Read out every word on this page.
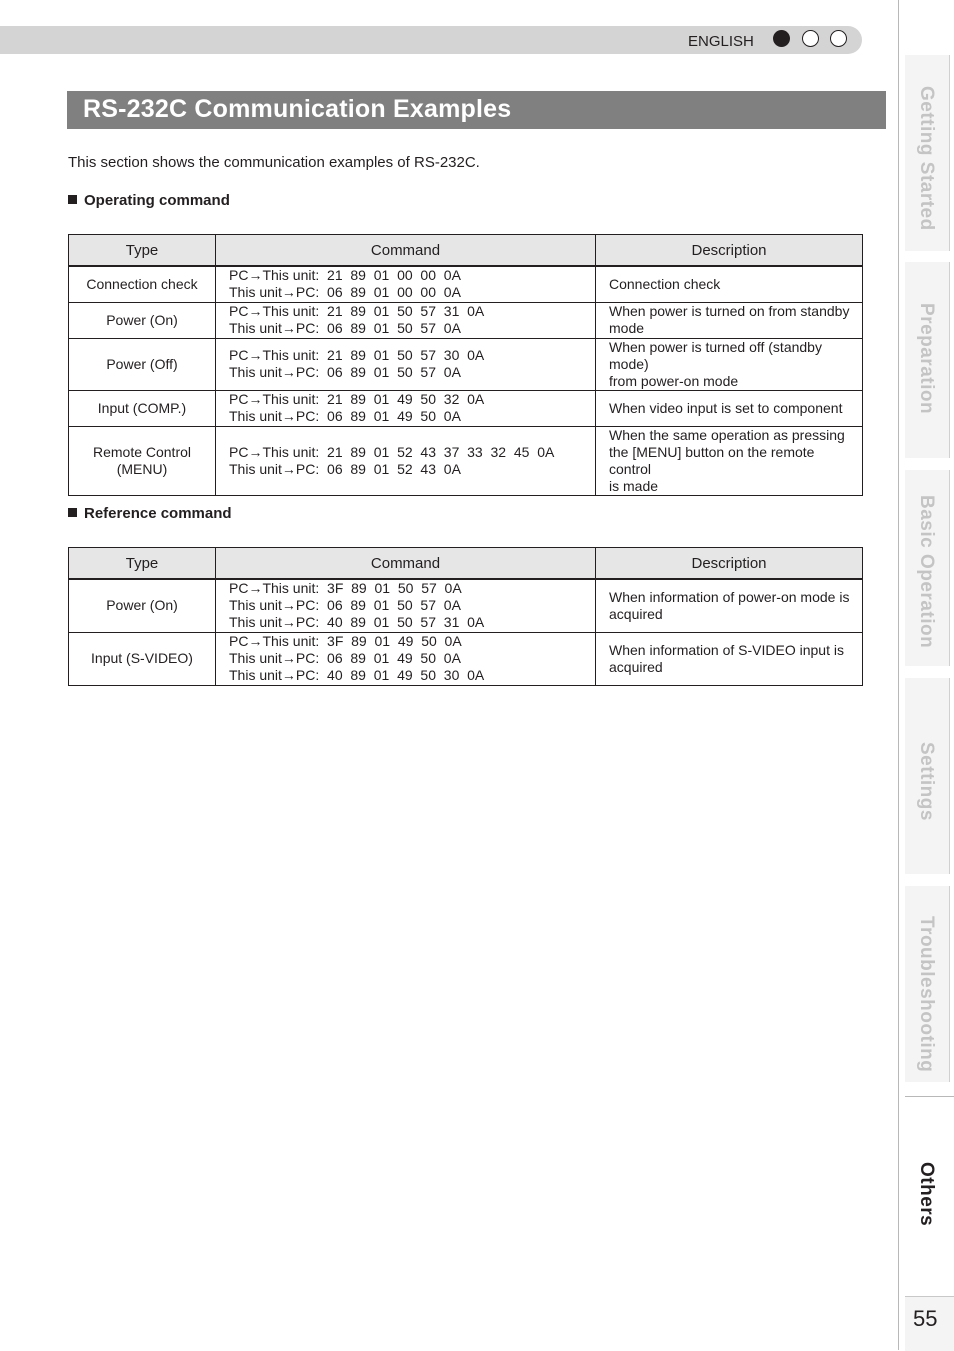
ENGLISH
RS-232C Communication Examples
This section shows the communication examples of RS-232C.
Operating command
Type	Command	Description

Connection check	PC→This unit:  21  89  01  00  00  0A
This unit→PC:  06  89  01  00  00  0A	Connection check

Power (On)	PC→This unit:  21  89  01  50  57  31  0A
This unit→PC:  06  89  01  50  57  0A	When power is turned on from standby
mode

Power (Off)	PC→This unit:  21  89  01  50  57  30  0A
This unit→PC:  06  89  01  50  57  0A	When power is turned off (standby mode)
from power-on mode

Input (COMP.)	PC→This unit:  21  89  01  49  50  32  0A
This unit→PC:  06  89  01  49  50  0A	When video input is set to component

Remote Control
(MENU)	PC→This unit:  21  89  01  52  43  37  33  32  45  0A
This unit→PC:  06  89  01  52  43  0A	When the same operation as pressing
the [MENU] button on the remote control
is made
Reference command
Type	Command	Description

Power (On)	PC→This unit:  3F  89  01  50  57  0A
This unit→PC:  06  89  01  50  57  0A
This unit→PC:  40  89  01  50  57  31  0A	When information of power-on mode is
acquired

Input (S-VIDEO)	PC→This unit:  3F  89  01  49  50  0A
This unit→PC:  06  89  01  49  50  0A
This unit→PC:  40  89  01  49  50  30  0A	When information of S-VIDEO input is
acquired
Getting Started
Preparation
Basic Operation
Settings
Troubleshooting
Others
55
